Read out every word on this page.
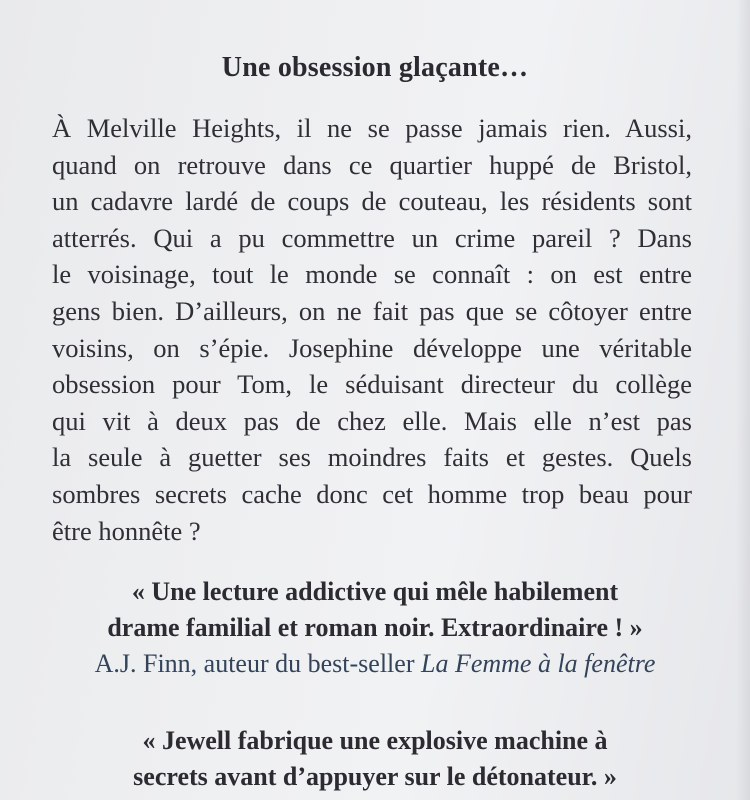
Une obsession glaçante…
À Melville Heights, il ne se passe jamais rien. Aussi,
quand on retrouve dans ce quartier huppé de Bristol,
un cadavre lardé de coups de couteau, les résidents sont
atterrés. Qui a pu commettre un crime pareil ? Dans
le voisinage, tout le monde se connaît : on est entre
gens bien. D’ailleurs, on ne fait pas que se côtoyer entre
voisins, on s’épie. Josephine développe une véritable
obsession pour Tom, le séduisant directeur du collège
qui vit à deux pas de chez elle. Mais elle n’est pas
la seule à guetter ses moindres faits et gestes. Quels
sombres secrets cache donc cet homme trop beau pour
être honnête ?
« Une lecture addictive qui mêle habilement
drame familial et roman noir. Extraordinaire ! »
A.J. Finn, auteur du best-seller La Femme à la fenêtre
« Jewell fabrique une explosive machine à
secrets avant d’appuyer sur le détonateur. »
